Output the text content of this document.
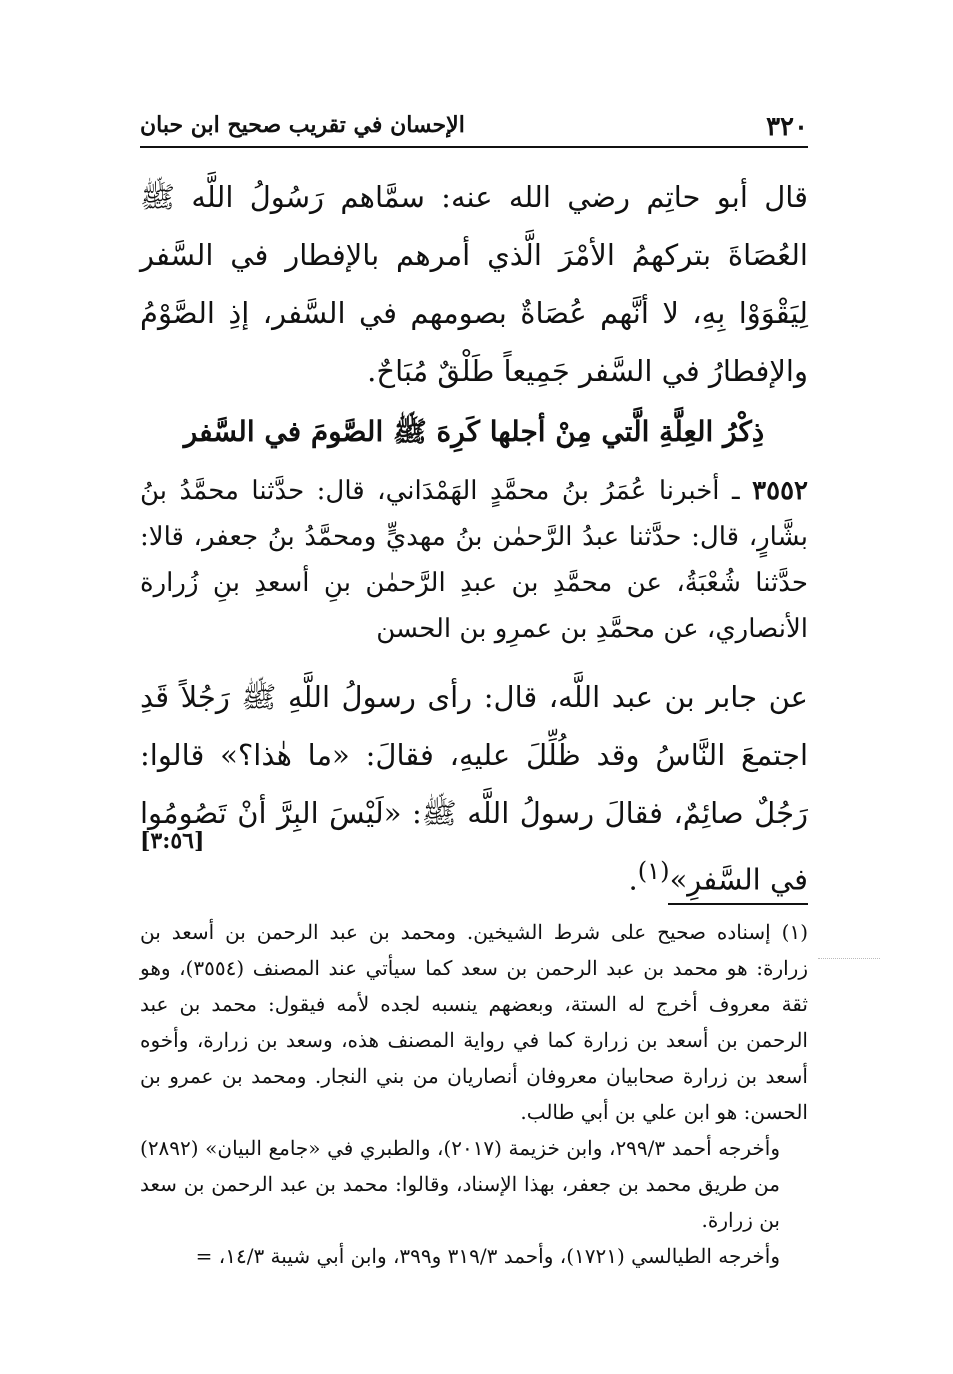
٣٢٠
الإحسان في تقريب صحيح ابن حبان
قال أبو حاتِم رضي الله عنه: سمَّاهم رَسُولُ اللَّه ﷺ العُصَاةَ بتركهمُ الأمْرَ الَّذي أمرهم بالإفطار في السَّفر لِيَقْوَوْا بِهِ، لا أنَّهم عُصَاةٌ بصومهم في السَّفر، إذِ الصَّوْمُ والإفطارُ في السَّفر جَمِيعاً طَلْقٌ مُبَاحٌ.
ذِكْرُ العِلَّةِ الَّتي مِنْ أجلها كَرِهَ ﷺ الصَّومَ في السَّفر
٣٥٥٢ ـ أخبرنا عُمَرُ بنُ محمَّدٍ الهَمْدَاني، قال: حدَّثنا محمَّدُ بنُ بشَّارٍ، قال: حدَّثنا عبدُ الرَّحمٰن بنُ مهديٍّ ومحمَّدُ بنُ جعفر، قالا: حدَّثنا شُعْبَةُ، عن محمَّدِ بن عبدِ الرَّحمٰن بنِ أسعدِ بنِ زُرارة الأنصاري، عن محمَّدِ بن عمرِو بن الحسن
عن جابر بن عبد اللَّه، قال: رأى رسولُ اللَّهِ ﷺ رَجُلاً قَدِ اجتمعَ النَّاسُ وقد ظُلِّلَ عليهِ، فقالَ: «ما هٰذا؟» قالوا: رَجُلٌ صائِمٌ، فقالَ رسولُ اللَّه ﷺ: «لَيْسَ البِرَّ أنْ تَصُومُوا في السَّفرِ»$^{(١)}$.
[٣:٥٦]

(١) إسناده صحيح على شرط الشيخين. ومحمد بن عبد الرحمن بن أسعد بن زرارة: هو محمد بن عبد الرحمن بن سعد كما سيأتي عند المصنف (٣٥٥٤)، وهو ثقة معروف أخرج له الستة، وبعضهم ينسبه لجده لأمه فيقول: محمد بن عبد الرحمن بن أسعد بن زرارة كما في رواية المصنف هذه، وسعد بن زرارة، وأخوه أسعد بن زرارة صحابيان معروفان أنصاريان من بني النجار. ومحمد بن عمرو بن الحسن: هو ابن علي بن أبي طالب.

وأخرجه أحمد ٢٩٩/٣، وابن خزيمة (٢٠١٧)، والطبري في «جامع البيان» (٢٨٩٢) من طريق محمد بن جعفر، بهذا الإسناد، وقالوا: محمد بن عبد الرحمن بن سعد بن زرارة.

وأخرجه الطيالسي (١٧٢١)، وأحمد ٣١٩/٣ و٣٩٩، وابن أبي شيبة ١٤/٣، =
